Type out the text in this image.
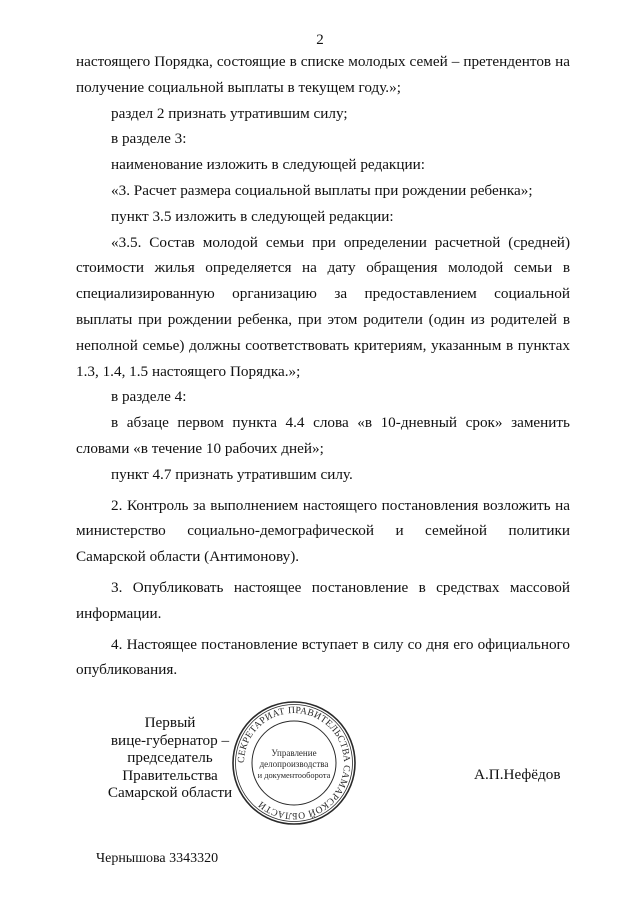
2

настоящего Порядка, состоящие в списке молодых семей – претендентов на получение социальной выплаты в текущем году.»;

раздел 2 признать утратившим силу;

в разделе 3:

наименование изложить в следующей редакции:

«3. Расчет размера социальной выплаты при рождении ребенка»;

пункт 3.5 изложить в следующей редакции:

«3.5. Состав молодой семьи при определении расчетной (средней) стоимости жилья определяется на дату обращения молодой семьи в специализированную организацию за предоставлением социальной выплаты при рождении ребенка, при этом родители (один из родителей в неполной семье) должны соответствовать критериям, указанным в пунктах 1.3, 1.4, 1.5 настоящего Порядка.»;

в разделе 4:

в абзаце первом пункта 4.4 слова «в 10-дневный срок» заменить словами «в течение 10 рабочих дней»;

пункт 4.7 признать утратившим силу.

2. Контроль за выполнением настоящего постановления возложить на министерство социально-демографической и семейной политики Самарской области (Антимонову).

3. Опубликовать настоящее постановление в средствах массовой информации.

4. Настоящее постановление вступает в силу со дня его официального опубликования.

Первый
вице-губернатор –
председатель Правительства
Самарской области
СЕКРЕТАРИАТ ПРАВИТЕЛЬСТВА САМАРСКОЙ ОБЛАСТИ
Управление
делопроизводства
и документооборота	А.П.Нефёдов
Чернышова 3343320
